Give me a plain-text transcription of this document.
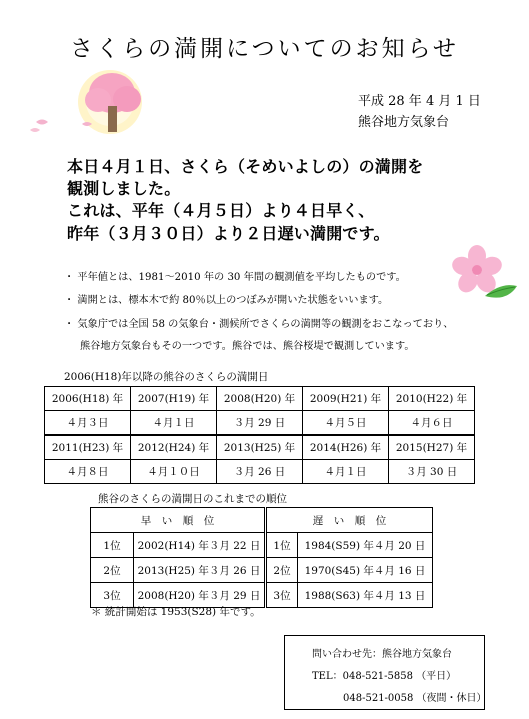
さくらの満開についてのお知らせ
平成 28 年 4 月 1 日
熊谷地方気象台
本日４月１日、さくら（そめいよしの）の満開を
観測しました。
これは、平年（４月５日）より４日早く、
昨年（３月３０日）より２日遅い満開です。
・ 平年値とは、1981～2010 年の 30 年間の観測値を平均したものです。
・ 満開とは、標本木で約 80％以上のつぼみが開いた状態をいいます。
・ 気象庁では全国 58 の気象台・測候所でさくらの満開等の観測をおこなっており、
熊谷地方気象台もその一つです。熊谷では、熊谷桜堤で観測しています。
2006(H18)年以降の熊谷のさくらの満開日
2006(H18) 年	2007(H19) 年	2008(H20) 年	2009(H21) 年	2010(H22) 年
４月３日	４月１日	３月 29 日	４月５日	４月６日
2011(H23) 年	2012(H24) 年	2013(H25) 年	2014(H26) 年	2015(H27) 年
４月８日	４月１０日	３月 26 日	４月１日	３月 30 日
熊谷のさくらの満開日のこれまでの順位
早　い　順　位		遅　い　順　位	
1位	2002(H14) 年３月 22 日	1位	1984(S59) 年４月 20 日
2位	2013(H25) 年３月 26 日	2位	1970(S45) 年４月 16 日
3位	2008(H20) 年３月 29 日	3位	1988(S63) 年４月 13 日
＊ 統計開始は 1953(S28) 年です。
問い合わせ先：熊谷地方気象台
TEL：048-521-5858 （平日）
048-521-0058 （夜間・休日）
